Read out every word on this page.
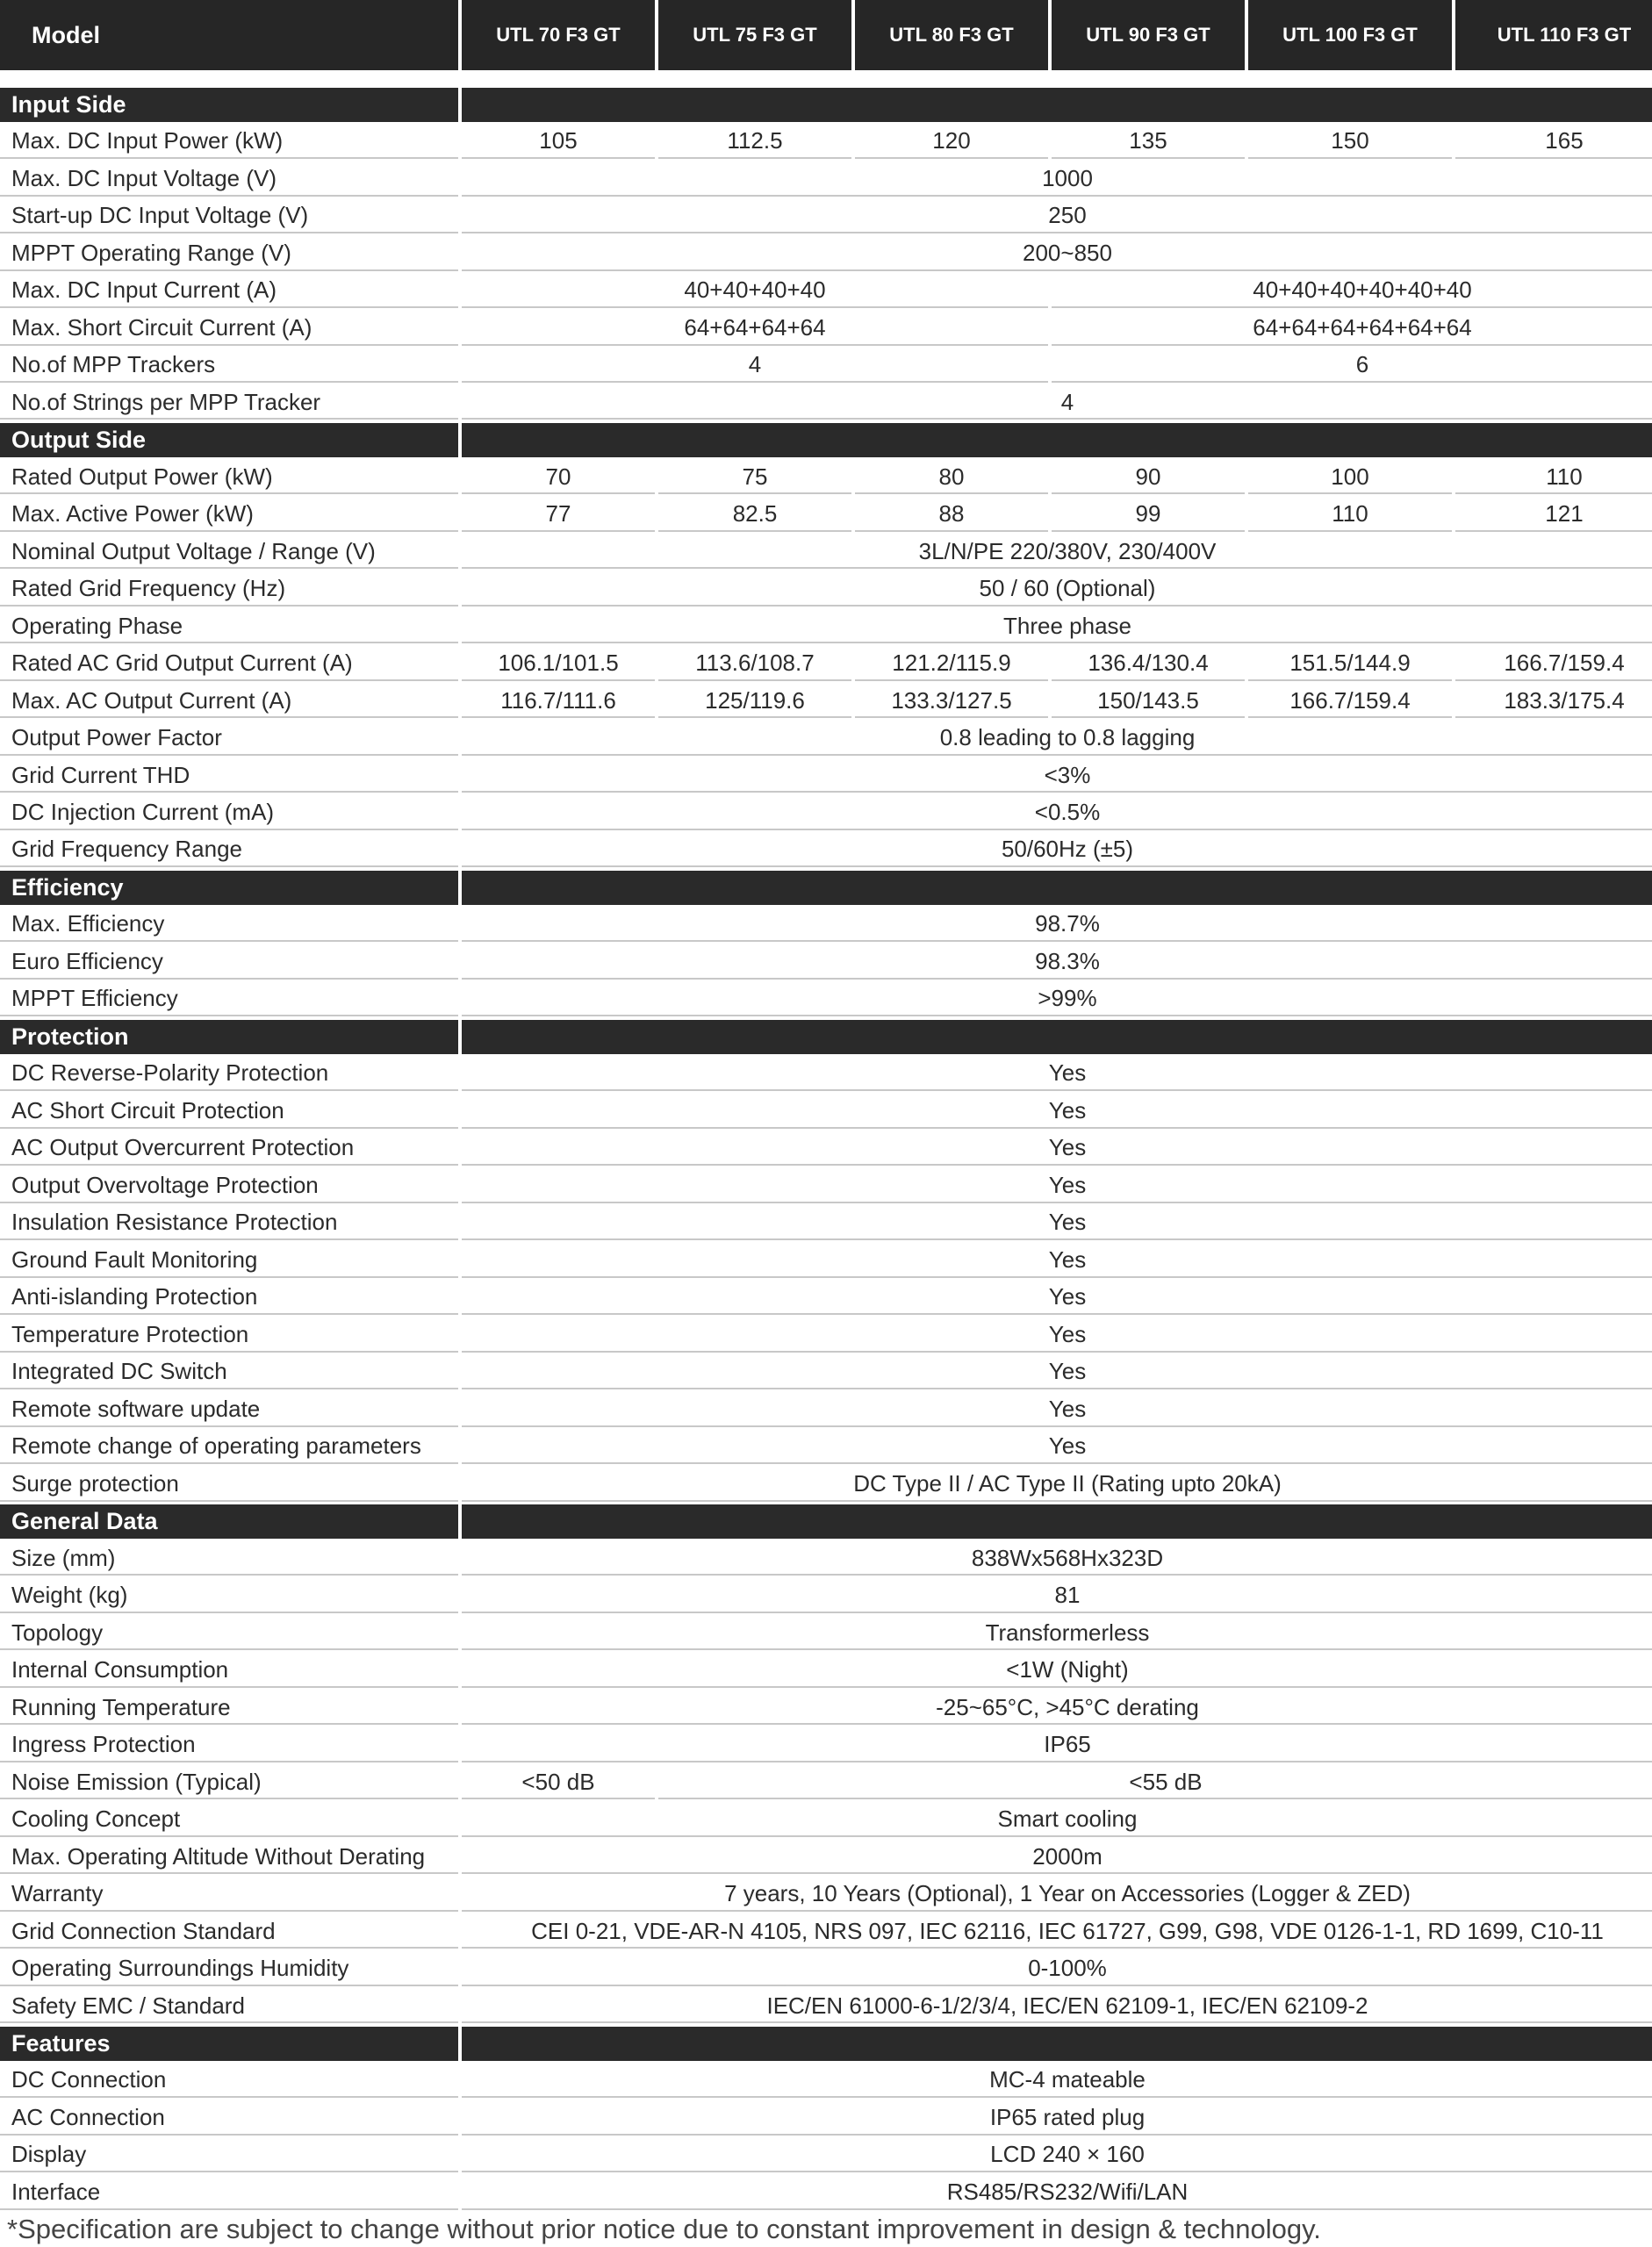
Model	UTL 70 F3 GT	UTL 75 F3 GT	UTL 80 F3 GT	UTL 90 F3 GT	UTL 100 F3 GT	UTL 110 F3 GT
Input Side
Max. DC Input Power (kW)	105	112.5	120	135	150	165
Max. DC Input Voltage (V)	1000
Start-up DC Input Voltage (V)	250
MPPT Operating Range (V)	200~850
Max. DC Input Current (A)	40+40+40+40	40+40+40+40+40+40
Max. Short Circuit Current (A)	64+64+64+64	64+64+64+64+64+64
No.of MPP Trackers	4	6
No.of Strings per MPP Tracker	4
Output Side
Rated Output Power (kW)	70	75	80	90	100	110
Max. Active Power (kW)	77	82.5	88	99	110	121
Nominal Output Voltage / Range (V)	3L/N/PE 220/380V, 230/400V
Rated Grid Frequency (Hz)	50 / 60 (Optional)
Operating Phase	Three phase
Rated AC Grid Output Current (A)	106.1/101.5	113.6/108.7	121.2/115.9	136.4/130.4	151.5/144.9	166.7/159.4
Max. AC Output Current (A)	116.7/111.6	125/119.6	133.3/127.5	150/143.5	166.7/159.4	183.3/175.4
Output Power Factor	0.8 leading to 0.8 lagging
Grid Current THD	<3%
DC Injection Current (mA)	<0.5%
Grid Frequency Range	50/60Hz (±5)
Efficiency
Max. Efficiency	98.7%
Euro Efficiency	98.3%
MPPT Efficiency	>99%
Protection
DC Reverse-Polarity Protection	Yes
AC Short Circuit Protection	Yes
AC Output Overcurrent Protection	Yes
Output Overvoltage Protection	Yes
Insulation Resistance Protection	Yes
Ground Fault Monitoring	Yes
Anti-islanding Protection	Yes
Temperature Protection	Yes
Integrated DC Switch	Yes
Remote software update	Yes
Remote change of operating parameters	Yes
Surge protection	DC Type II / AC Type II (Rating upto 20kA)
General Data
Size (mm)	838Wx568Hx323D
Weight (kg)	81
Topology	Transformerless
Internal Consumption	<1W (Night)
Running Temperature	-25~65°C, >45°C derating
Ingress Protection	IP65
Noise Emission (Typical)	<50 dB	<55 dB
Cooling Concept	Smart cooling
Max. Operating Altitude Without Derating	2000m
Warranty	7 years, 10 Years (Optional), 1 Year on Accessories (Logger & ZED)
Grid Connection Standard	CEI 0-21, VDE-AR-N 4105, NRS 097, IEC 62116, IEC 61727, G99, G98, VDE 0126-1-1, RD 1699, C10-11
Operating Surroundings Humidity	0-100%
Safety EMC / Standard	IEC/EN 61000-6-1/2/3/4, IEC/EN 62109-1, IEC/EN 62109-2
Features
DC Connection	MC-4 mateable
AC Connection	IP65 rated plug
Display	LCD 240 × 160
Interface	RS485/RS232/Wifi/LAN
*Specification are subject to change without prior notice due to constant improvement in design & technology.
